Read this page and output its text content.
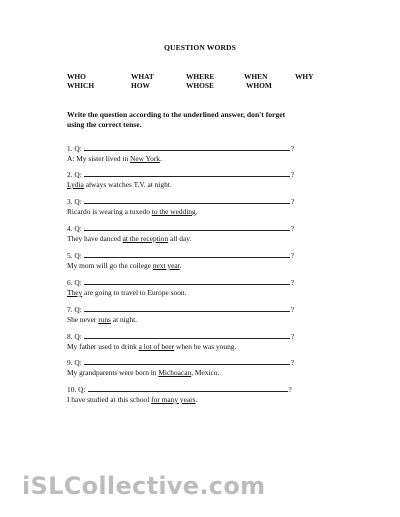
QUESTION WORDS
WHO	WHAT	WHERE	WHEN	WHY
WHICH	HOW	WHOSE	WHOM
Write the question according to the underlined answer, don't forget
using the correct tense.
1. Q:	?
A: My sister lived in New York.
2. Q:	?
Lydia always watches T.V. at night.
3. Q:	?
Ricardo is wearing a tuxedo to the wedding.
4. Q:	?
They have danced at the reception all day.
5. Q:	?
My mom will go the college next year.
6. Q:	?
They are going to travel to Europe soon.
7. Q:	?
She never runs at night.
8. Q:	?
My father used to drink a lot of beer when he was young.
9. Q:	?
My grandparents were born in Michoacan, Mexico.
10. Q:	?
I have studied at this school for many years.
iSLCollective.com
